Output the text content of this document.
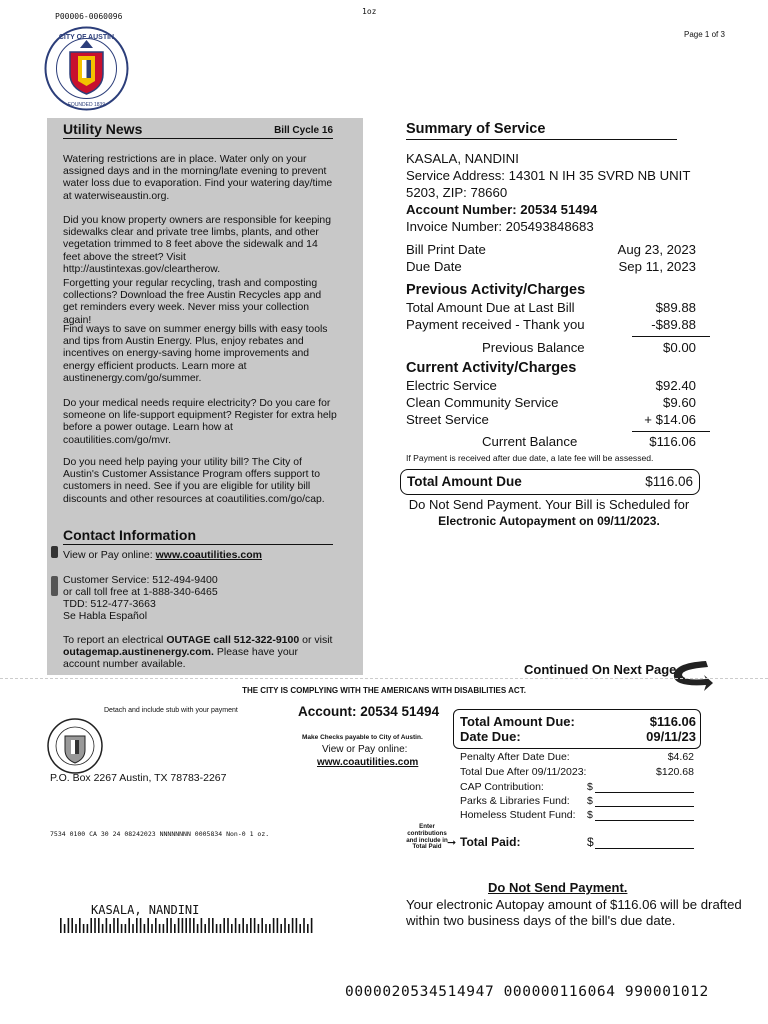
P00006-0060096
1oz
Page 1 of 3
CITY OF AUSTIN
FOUNDED 1839
Utility News	Bill Cycle 16

Watering restrictions are in place. Water only on your assigned days and in the morning/late evening to prevent water loss due to evaporation. Find your watering day/time at waterwiseaustin.org.

Did you know property owners are responsible for keeping sidewalks clear and private tree limbs, plants, and other vegetation trimmed to 8 feet above the sidewalk and 14 feet above the street? Visit http://austintexas.gov/cleartherow.

Forgetting your regular recycling, trash and composting collections? Download the free Austin Recycles app and get reminders every week. Never miss your collection again!

Find ways to save on summer energy bills with easy tools and tips from Austin Energy. Plus, enjoy rebates and incentives on energy-saving home improvements and energy efficient products. Learn more at austinenergy.com/go/summer.

Do your medical needs require electricity? Do you care for someone on life-support equipment? Register for extra help before a power outage. Learn how at coautilities.com/go/mvr.

Do you need help paying your utility bill? The City of Austin's Customer Assistance Program offers support to customers in need. See if you are eligible for utility bill discounts and other resources at coautilities.com/go/cap.

Contact Information
View or Pay online: www.coautilities.com
Customer Service: 512-494-9400
or call toll free at 1-888-340-6465
TDD: 512-477-3663
Se Habla Español
To report an electrical OUTAGE call 512-322-9100 or visit outagemap.austinenergy.com. Please have your account number available.
Summary of Service
KASALA, NANDINI
Service Address: 14301 N IH 35 SVRD NB UNIT
5203, ZIP: 78660
Account Number: 20534 51494
Invoice Number: 205493848683
Bill Print Date	Aug 23, 2023
Due Date	Sep 11, 2023
Previous Activity/Charges
Total Amount Due at Last Bill	$89.88
Payment received - Thank you	-$89.88
Previous Balance	$0.00
Current Activity/Charges
Electric Service	$92.40
Clean Community Service	$9.60
Street Service	+ $14.06
Current Balance	$116.06
If Payment is received after due date, a late fee will be assessed.
Total Amount Due	$116.06
Do Not Send Payment. Your Bill is Scheduled for
Electronic Autopayment on 09/11/2023.
Continued On Next Page
THE CITY IS COMPLYING WITH THE AMERICANS WITH DISABILITIES ACT.
Detach and include stub with your payment
P.O. Box 2267 Austin, TX 78783-2267
7534 0100 CA 30 24 08242023 NNNNNNNN 0005834 Non-0 1 oz.
Account: 20534 51494
Make Checks payable to City of Austin.
View or Pay online:
www.coautilities.com
Total Amount Due:	$116.06
Date Due:	09/11/23
Penalty After Date Due:	$4.62
Total Due After 09/11/2023:	$120.68
CAP Contribution:	$
Parks & Libraries Fund: $
Homeless Student Fund: $
Enter contributions and include in Total Paid ➞ Total Paid:	$
KASALA, NANDINI
Do Not Send Payment.
Your electronic Autopay amount of $116.06 will be drafted
within two business days of the bill's due date.
000002053451494​7 000000116064 990001012
